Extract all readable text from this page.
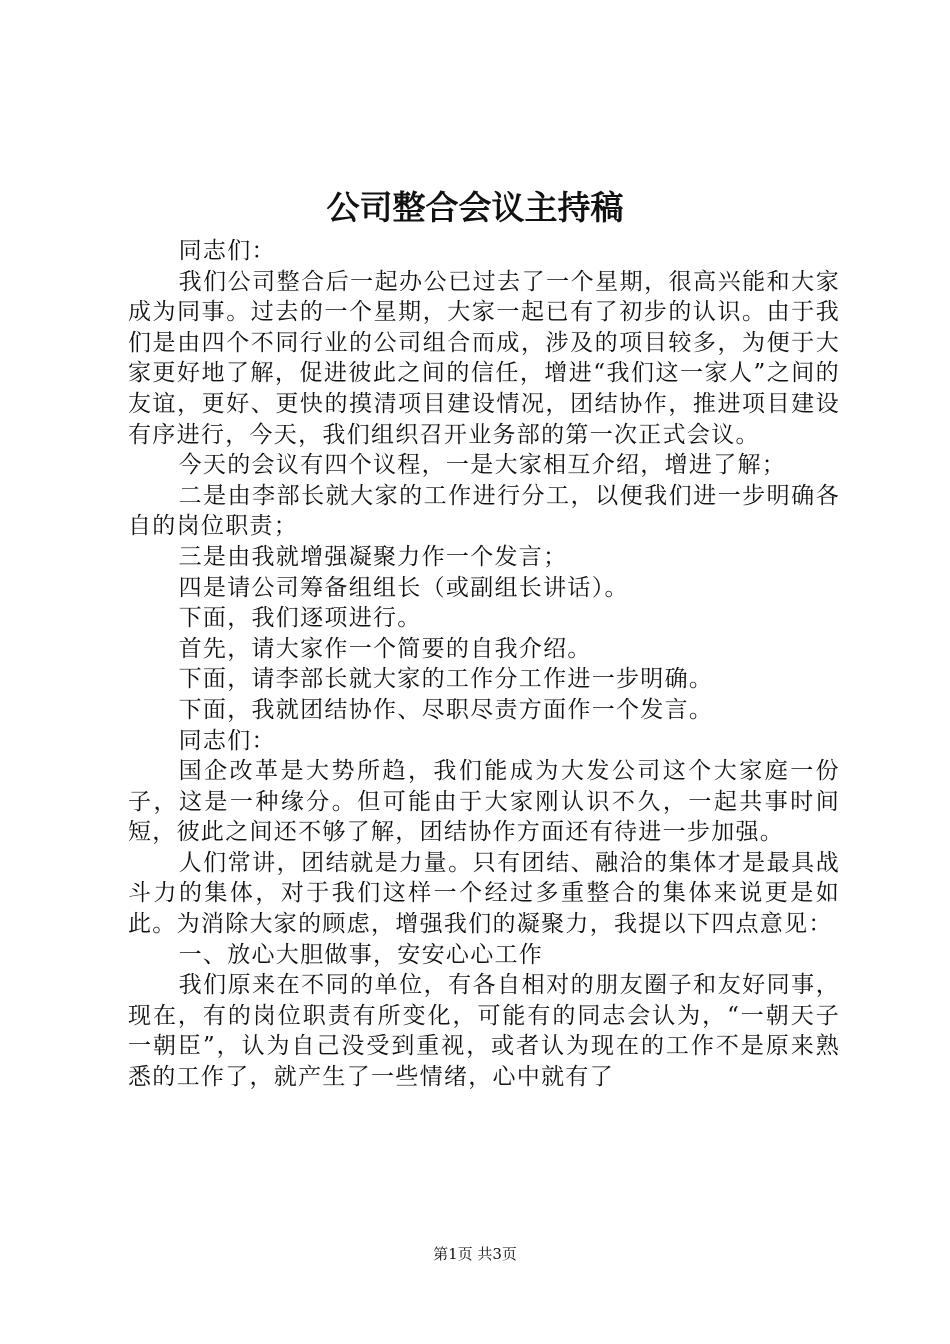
公司整合会议主持稿

同志们：

我们公司整合后一起办公已过去了一个星期，很高兴能和大家成为同事。过去的一个星期，大家一起已有了初步的认识。由于我们是由四个不同行业的公司组合而成，涉及的项目较多，为便于大家更好地了解，促进彼此之间的信任，增进“我们这一家人”之间的友谊，更好、更快的摸清项目建设情况，团结协作，推进项目建设有序进行，今天，我们组织召开业务部的第一次正式会议。

今天的会议有四个议程，一是大家相互介绍，增进了解；

二是由李部长就大家的工作进行分工，以便我们进一步明确各自的岗位职责；

三是由我就增强凝聚力作一个发言；

四是请公司筹备组组长（或副组长讲话）。

下面，我们逐项进行。

首先，请大家作一个简要的自我介绍。

下面，请李部长就大家的工作分工作进一步明确。

下面，我就团结协作、尽职尽责方面作一个发言。

同志们：

国企改革是大势所趋，我们能成为大发公司这个大家庭一份子，这是一种缘分。但可能由于大家刚认识不久，一起共事时间短，彼此之间还不够了解，团结协作方面还有待进一步加强。

人们常讲，团结就是力量。只有团结、融洽的集体才是最具战斗力的集体，对于我们这样一个经过多重整合的集体来说更是如此。为消除大家的顾虑，增强我们的凝聚力，我提以下四点意见：

一、放心大胆做事，安安心心工作

我们原来在不同的单位，有各自相对的朋友圈子和友好同事，现在，有的岗位职责有所变化，可能有的同志会认为，“一朝天子一朝臣”，认为自己没受到重视，或者认为现在的工作不是原来熟悉的工作了，就产生了一些情绪，心中就有了

第1页 共3页
